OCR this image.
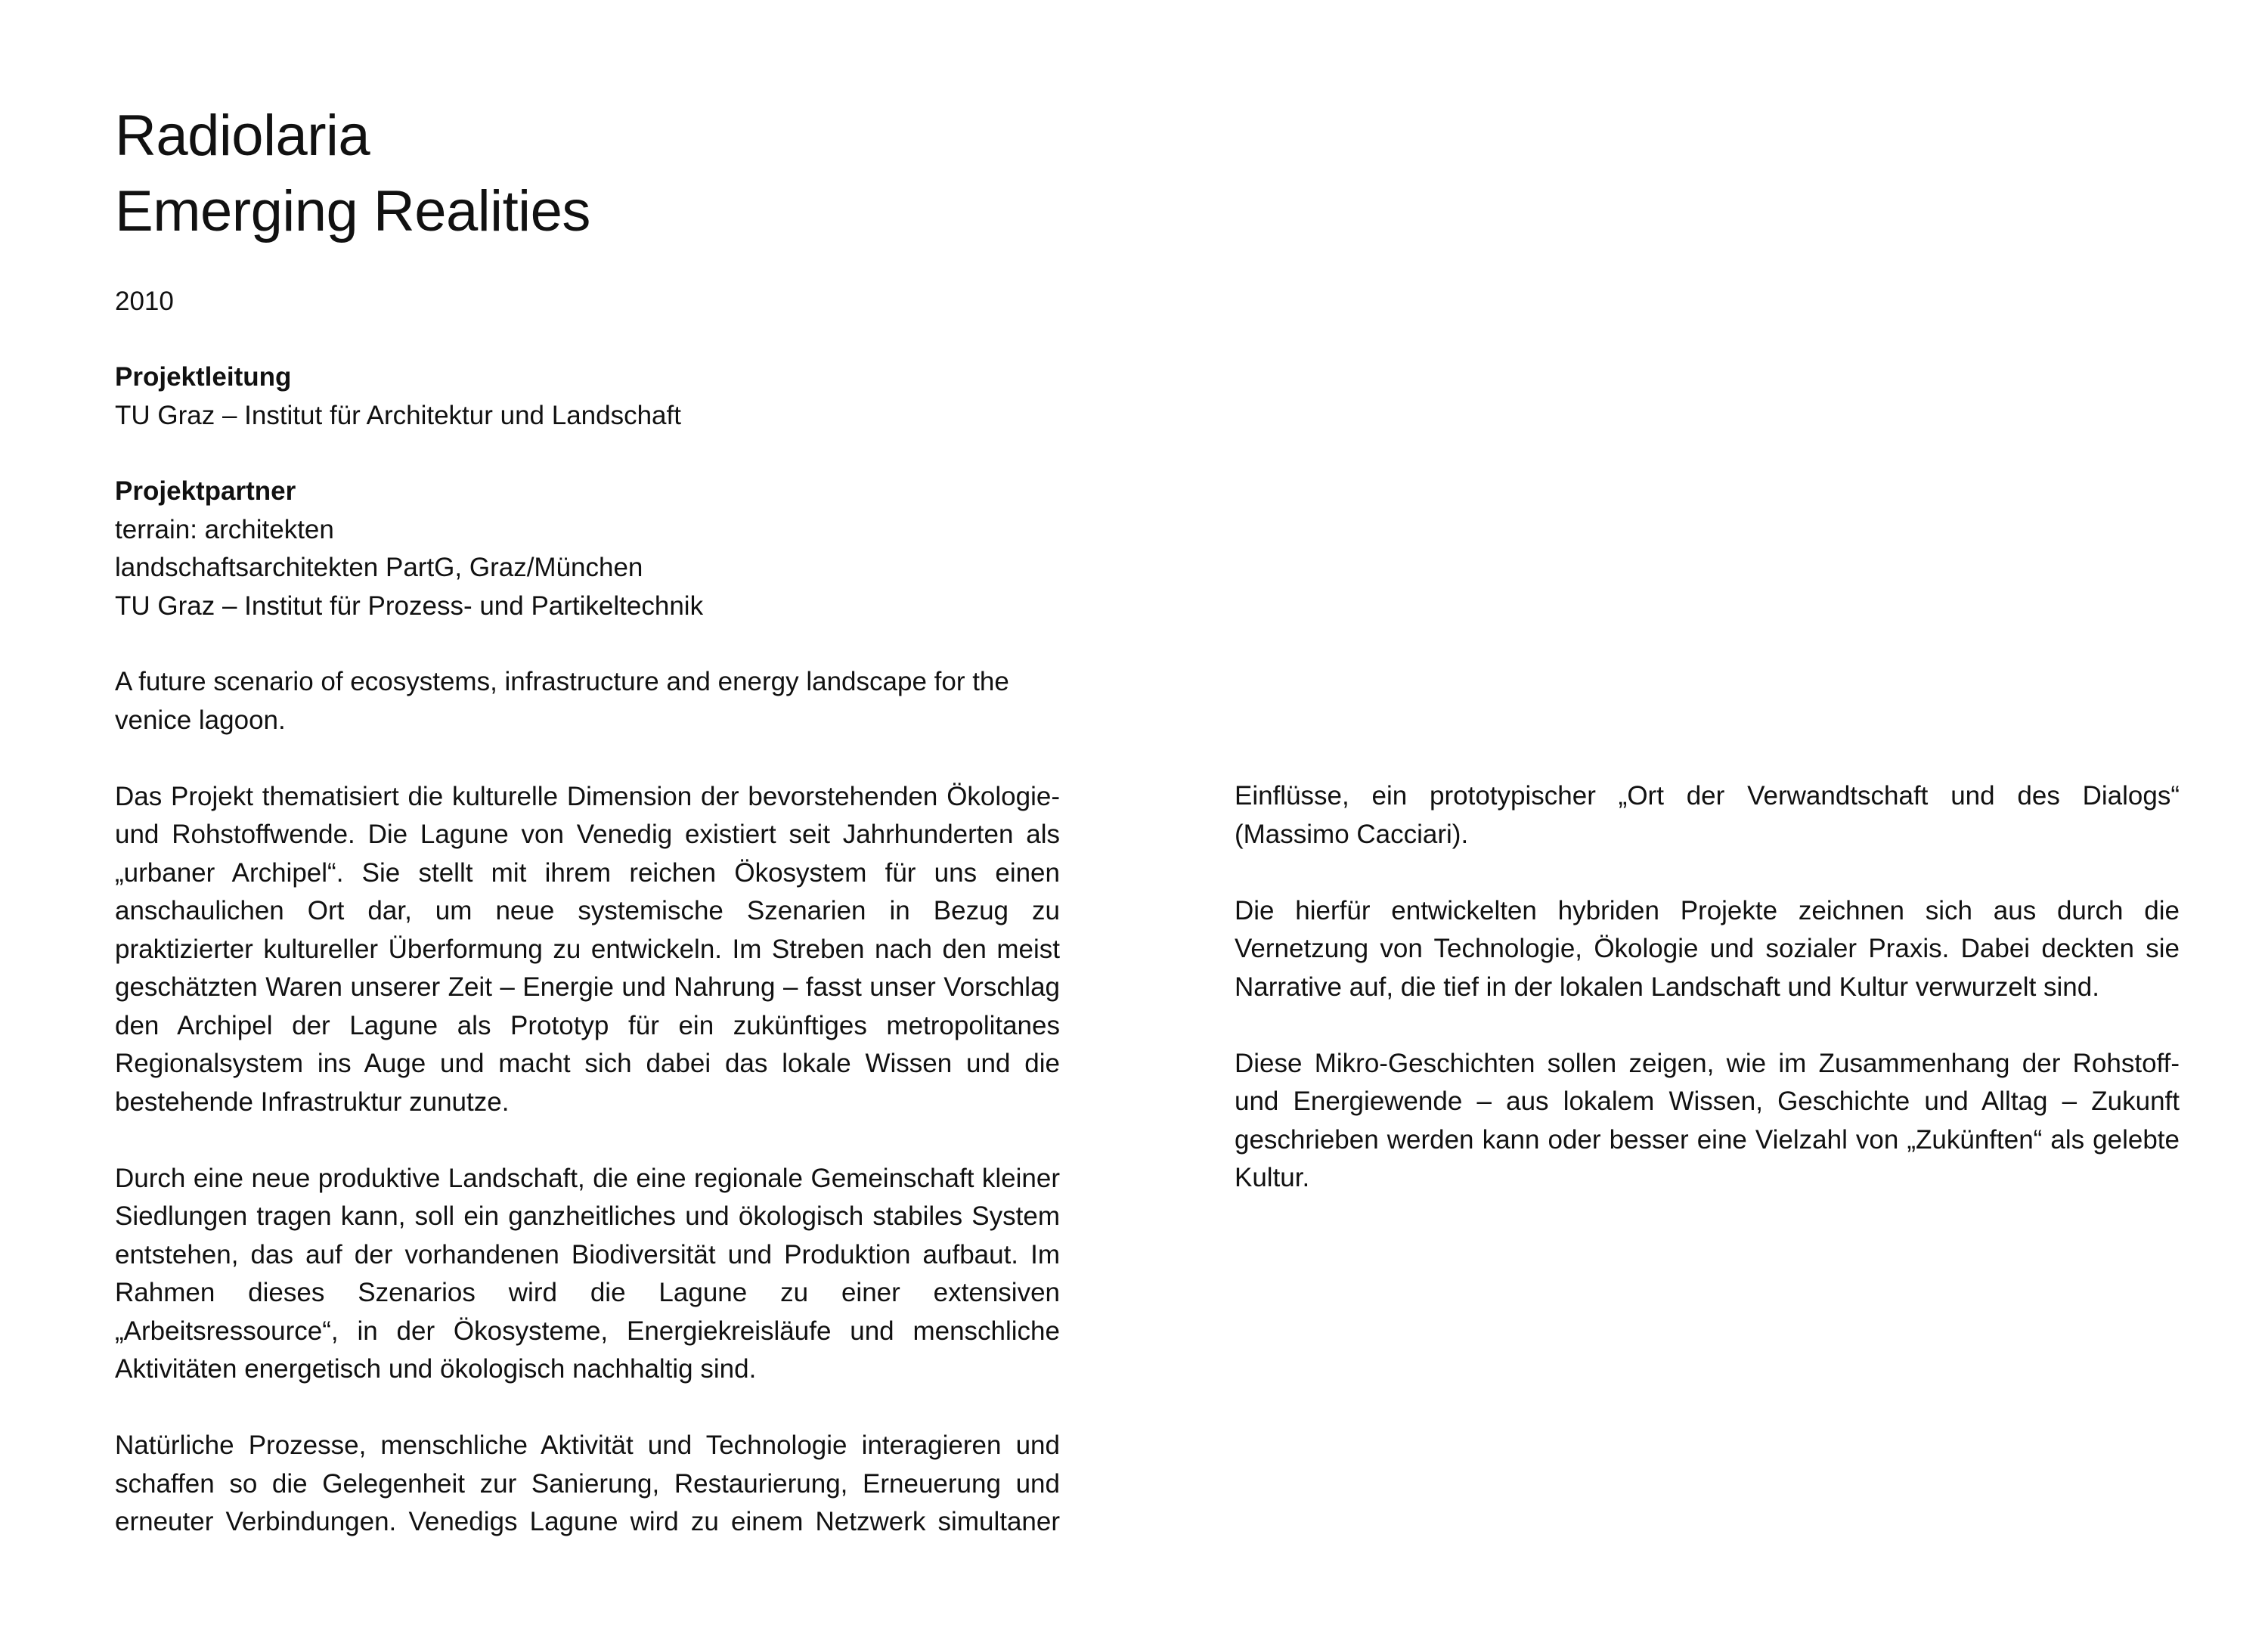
Radiolaria
Emerging Realities
2010
Projektleitung
TU Graz – Institut für Architektur und Landschaft
Projektpartner
terrain: architekten
landschaftsarchitekten PartG, Graz/München
TU Graz – Institut für Prozess- und Partikeltechnik

A future scenario of ecosystems, infrastructure and energy landscape for the venice lagoon.

Das Projekt thematisiert die kulturelle Dimension der bevorstehenden Ökologie- und Rohstoffwende. Die Lagune von Venedig existiert seit Jahrhunderten als „urbaner Archipel“. Sie stellt mit ihrem reichen Ökosystem für uns einen anschaulichen Ort dar, um neue systemische Szenarien in Bezug zu praktizierter kultureller Überformung zu entwickeln. Im Streben nach den meist geschätzten Waren unserer Zeit – Energie und Nahrung – fasst unser Vorschlag den Archipel der Lagune als Prototyp für ein zukünftiges metropolitanes Regionalsystem ins Auge und macht sich dabei das lokale Wissen und die bestehende Infrastruktur zunutze.

Durch eine neue produktive Landschaft, die eine regionale Gemeinschaft kleiner Siedlungen tragen kann, soll ein ganzheitliches und ökologisch stabiles System entstehen, das auf der vorhandenen Biodiversität und Produktion aufbaut. Im Rahmen dieses Szenarios wird die Lagune zu einer extensiven „Arbeitsressource“, in der Ökosysteme, Energiekreisläufe und menschliche Aktivitäten energetisch und ökologisch nachhaltig sind.

Natürliche Prozesse, menschliche Aktivität und Technologie interagieren und schaffen so die Gelegenheit zur Sanierung, Restaurierung, Erneuerung und erneuter Verbindungen. Venedigs Lagune wird zu einem Netzwerk simultaner

Einflüsse, ein prototypischer „Ort der Verwandtschaft und des Dialogs“ (Massimo Cacciari).

Die hierfür entwickelten hybriden Projekte zeichnen sich aus durch die Vernetzung von Technologie, Ökologie und sozialer Praxis. Dabei deckten sie Narrative auf, die tief in der lokalen Landschaft und Kultur verwurzelt sind.

Diese Mikro-Geschichten sollen zeigen, wie im Zusammenhang der Rohstoff- und Energiewende – aus lokalem Wissen, Geschichte und Alltag – Zukunft geschrieben werden kann oder besser eine Vielzahl von „Zukünften“ als gelebte Kultur.
